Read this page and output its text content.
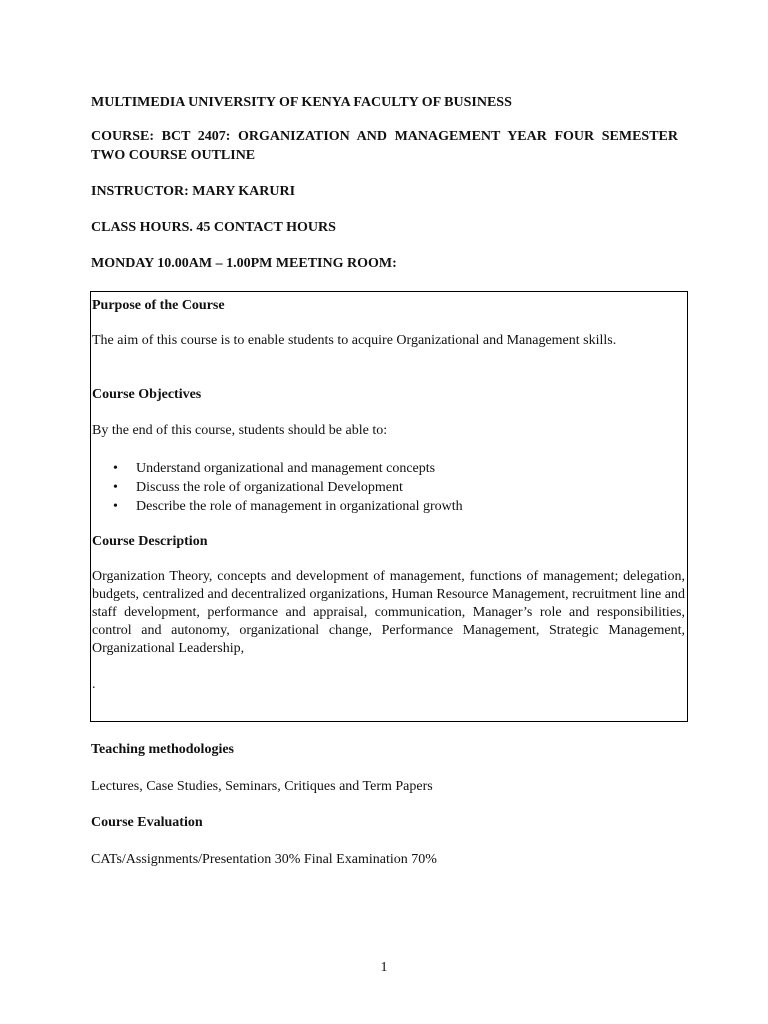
MULTIMEDIA UNIVERSITY OF KENYA FACULTY OF BUSINESS

COURSE: BCT 2407: ORGANIZATION AND MANAGEMENT YEAR FOUR SEMESTER TWO COURSE OUTLINE

INSTRUCTOR: MARY KARURI

CLASS HOURS. 45 CONTACT HOURS

MONDAY 10.00AM – 1.00PM MEETING ROOM:

Purpose of the Course

The aim of this course is to enable students to acquire Organizational and Management skills.

Course Objectives

By the end of this course, students should be able to:

• Understand organizational and management concepts
• Discuss the role of organizational Development
• Describe the role of management in organizational growth

Course Description

Organization Theory, concepts and development of management, functions of management; delegation, budgets, centralized and decentralized organizations, Human Resource Management, recruitment line and staff development, performance and appraisal, communication, Manager’s role and responsibilities, control and autonomy, organizational change, Performance Management, Strategic Management, Organizational Leadership,

.

Teaching methodologies

Lectures, Case Studies, Seminars, Critiques and Term Papers

Course Evaluation

CATs/Assignments/Presentation 30% Final Examination 70%

1
